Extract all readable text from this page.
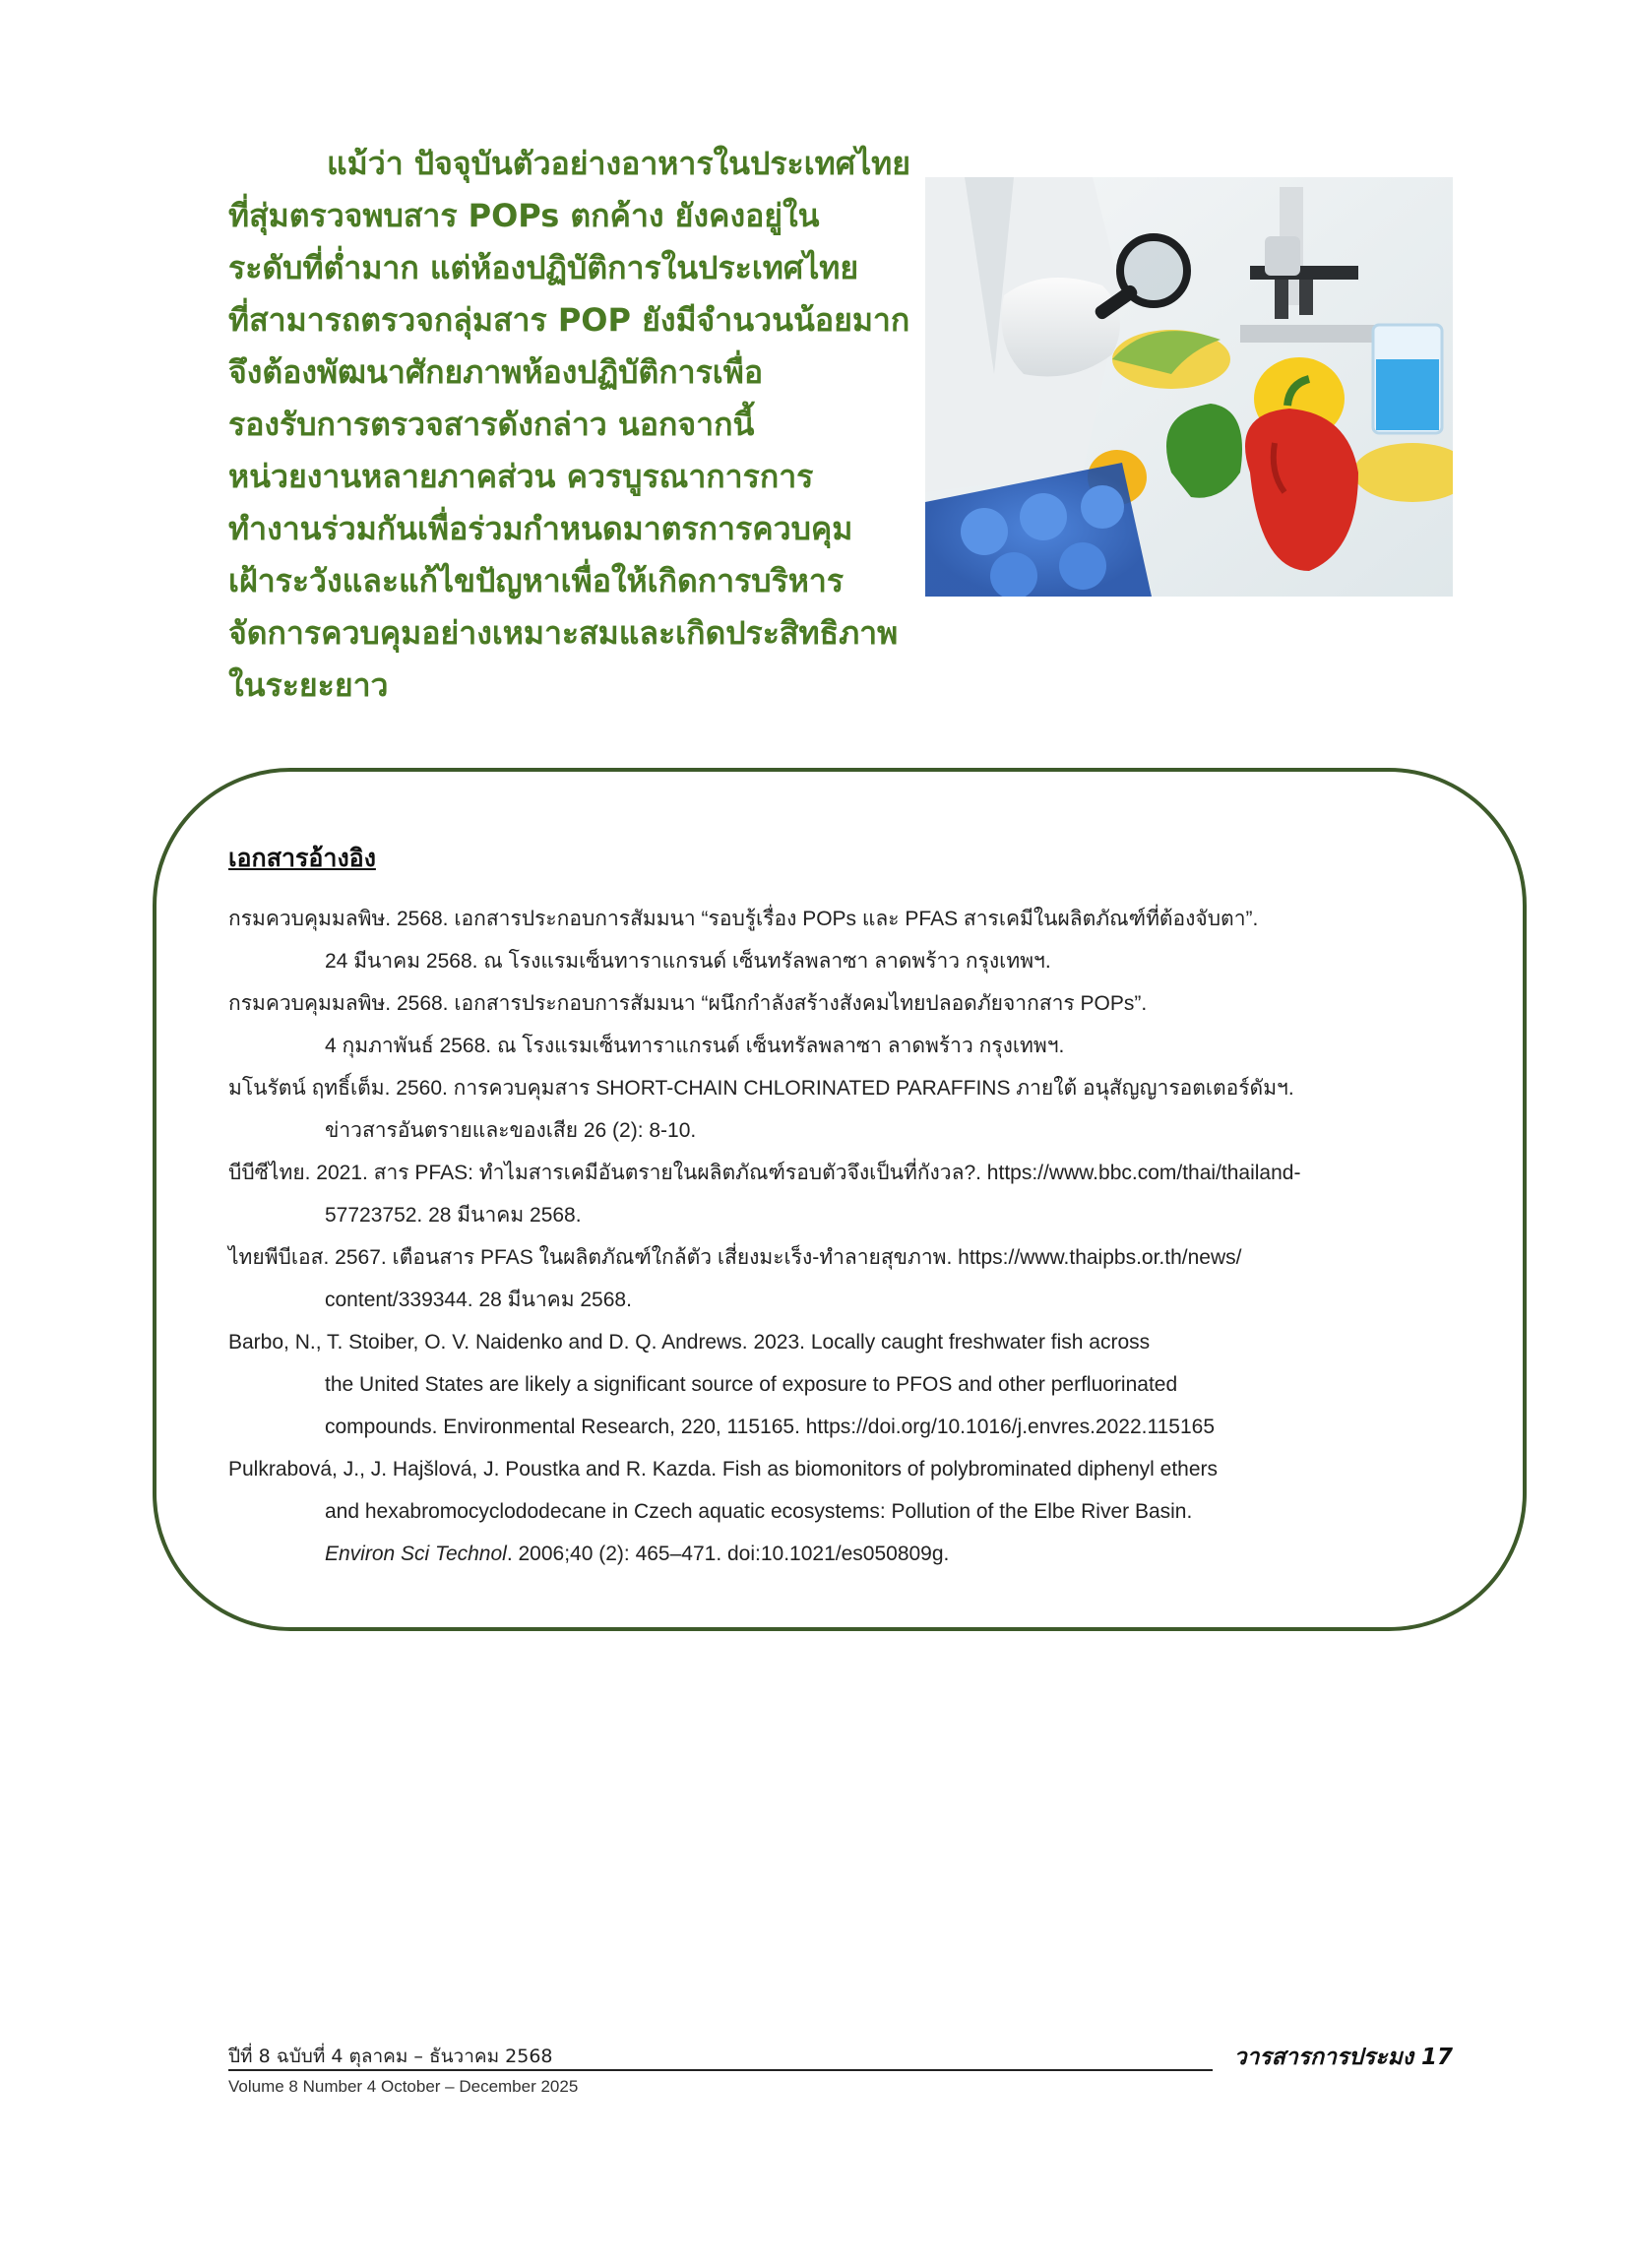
แม้ว่า ปัจจุบันตัวอย่างอาหารในประเทศไทย
ที่สุ่มตรวจพบสาร POPs ตกค้าง ยังคงอยู่ใน
ระดับที่ต่ำมาก แต่ห้องปฏิบัติการในประเทศไทย
ที่สามารถตรวจกลุ่มสาร POP ยังมีจำนวนน้อยมาก
จึงต้องพัฒนาศักยภาพห้องปฏิบัติการเพื่อ
รองรับการตรวจสารดังกล่าว นอกจากนี้
หน่วยงานหลายภาคส่วน ควรบูรณาการการ
ทำงานร่วมกันเพื่อร่วมกำหนดมาตรการควบคุม
เฝ้าระวังและแก้ไขปัญหาเพื่อให้เกิดการบริหาร
จัดการควบคุมอย่างเหมาะสมและเกิดประสิทธิภาพ
ในระยะยาว
เอกสารอ้างอิง
กรมควบคุมมลพิษ. 2568. เอกสารประกอบการสัมมนา “รอบรู้เรื่อง POPs และ PFAS สารเคมีในผลิตภัณฑ์ที่ต้องจับตา”.
24 มีนาคม 2568. ณ โรงแรมเซ็นทาราแกรนด์ เซ็นทรัลพลาซา ลาดพร้าว กรุงเทพฯ.
กรมควบคุมมลพิษ. 2568. เอกสารประกอบการสัมมนา “ผนึกกำลังสร้างสังคมไทยปลอดภัยจากสาร POPs”.
4 กุมภาพันธ์ 2568. ณ โรงแรมเซ็นทาราแกรนด์ เซ็นทรัลพลาซา ลาดพร้าว กรุงเทพฯ.
มโนรัตน์ ฤทธิ์เต็ม. 2560. การควบคุมสาร SHORT-CHAIN CHLORINATED PARAFFINS ภายใต้ อนุสัญญารอตเตอร์ดัมฯ.
ข่าวสารอันตรายและของเสีย 26 (2): 8-10.
บีบีซีไทย. 2021. สาร PFAS: ทำไมสารเคมีอันตรายในผลิตภัณฑ์รอบตัวจึงเป็นที่กังวล?. https://www.bbc.com/thai/thailand-
57723752. 28 มีนาคม 2568.
ไทยพีบีเอส. 2567. เตือนสาร PFAS ในผลิตภัณฑ์ใกล้ตัว เสี่ยงมะเร็ง-ทำลายสุขภาพ. https://www.thaipbs.or.th/news/
content/339344. 28 มีนาคม 2568.
Barbo, N., T. Stoiber, O. V. Naidenko and D. Q. Andrews. 2023. Locally caught freshwater fish across
the United States are likely a significant source of exposure to PFOS and other perfluorinated
compounds. Environmental Research, 220, 115165. https://doi.org/10.1016/j.envres.2022.115165
Pulkrabová, J., J. Hajšlová, J. Poustka and R. Kazda. Fish as biomonitors of polybrominated diphenyl ethers
and hexabromocyclododecane in Czech aquatic ecosystems: Pollution of the Elbe River Basin.
Environ Sci Technol. 2006;40 (2): 465–471. doi:10.1021/es050809g.
ปีที่ 8 ฉบับที่ 4 ตุลาคม – ธันวาคม 2568
Volume 8 Number 4 October – December 2025
วารสารการประมง 17
